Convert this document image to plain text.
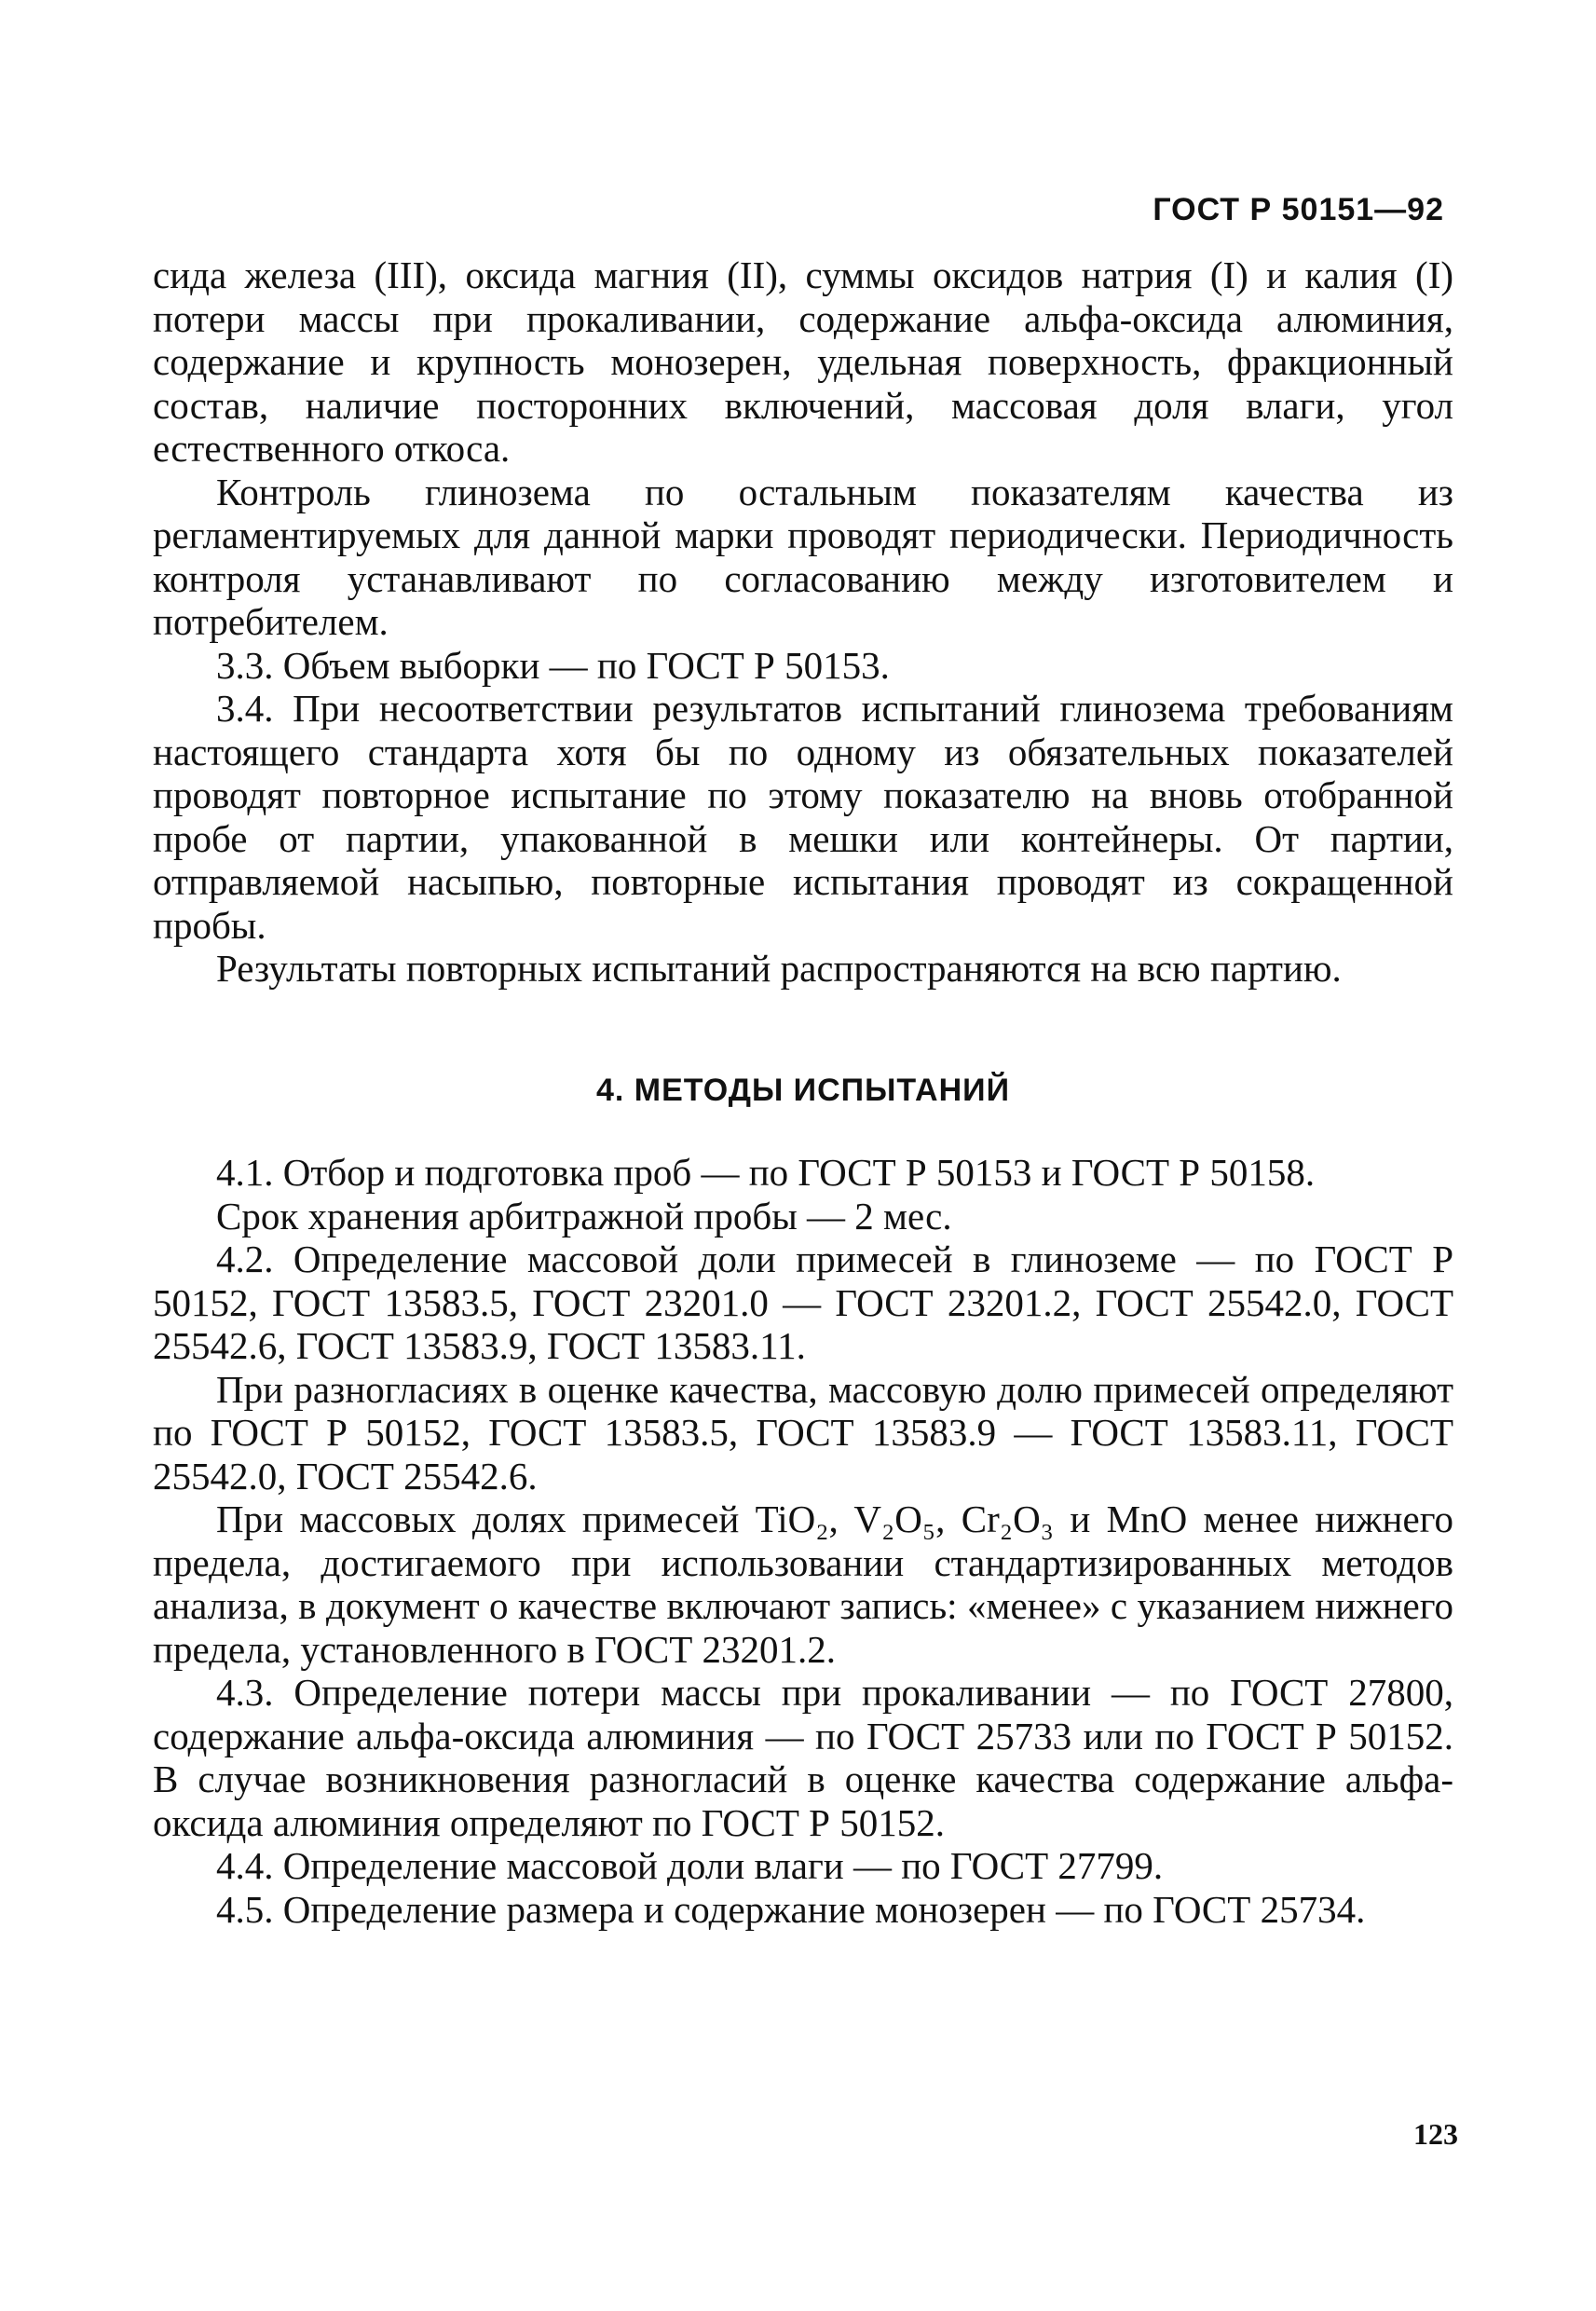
ГОСТ Р 50151—92

сида железа (III), оксида магния (II), суммы оксидов натрия (I) и калия (I) потери массы при прокаливании, содержание альфа-оксида алюминия, содержание и крупность монозерен, удельная поверхность, фракционный состав, наличие посторонних включений, массовая доля влаги, угол естественного откоса.

Контроль глинозема по остальным показателям качества из регламентируемых для данной марки проводят периодически. Периодичность контроля устанавливают по согласованию между изготовителем и потребителем.

3.3. Объем выборки — по ГОСТ Р 50153.

3.4. При несоответствии результатов испытаний глинозема требованиям настоящего стандарта хотя бы по одному из обязательных показателей проводят повторное испытание по этому показателю на вновь отобранной пробе от партии, упакованной в мешки или контейнеры. От партии, отправляемой насыпью, повторные испытания проводят из сокращенной пробы.

Результаты повторных испытаний распространяются на всю партию.

4. МЕТОДЫ ИСПЫТАНИЙ

4.1. Отбор и подготовка проб — по ГОСТ Р 50153 и ГОСТ Р 50158.

Срок хранения арбитражной пробы — 2 мес.

4.2. Определение массовой доли примесей в глиноземе — по ГОСТ Р 50152, ГОСТ 13583.5, ГОСТ 23201.0 — ГОСТ 23201.2, ГОСТ 25542.0, ГОСТ 25542.6, ГОСТ 13583.9, ГОСТ 13583.11.

При разногласиях в оценке качества, массовую долю примесей определяют по ГОСТ Р 50152, ГОСТ 13583.5, ГОСТ 13583.9 — ГОСТ 13583.11, ГОСТ 25542.0, ГОСТ 25542.6.

При массовых долях примесей TiO₂, V₂O₅, Cr₂O₃ и MnO менее нижнего предела, достигаемого при использовании стандартизированных методов анализа, в документ о качестве включают запись: «менее» с указанием нижнего предела, установленного в ГОСТ 23201.2.

4.3. Определение потери массы при прокаливании — по ГОСТ 27800, содержание альфа-оксида алюминия — по ГОСТ 25733 или по ГОСТ Р 50152. В случае возникновения разногласий в оценке качества содержание альфа-оксида алюминия определяют по ГОСТ Р 50152.

4.4. Определение массовой доли влаги — по ГОСТ 27799.

4.5. Определение размера и содержание монозерен — по ГОСТ 25734.

123
